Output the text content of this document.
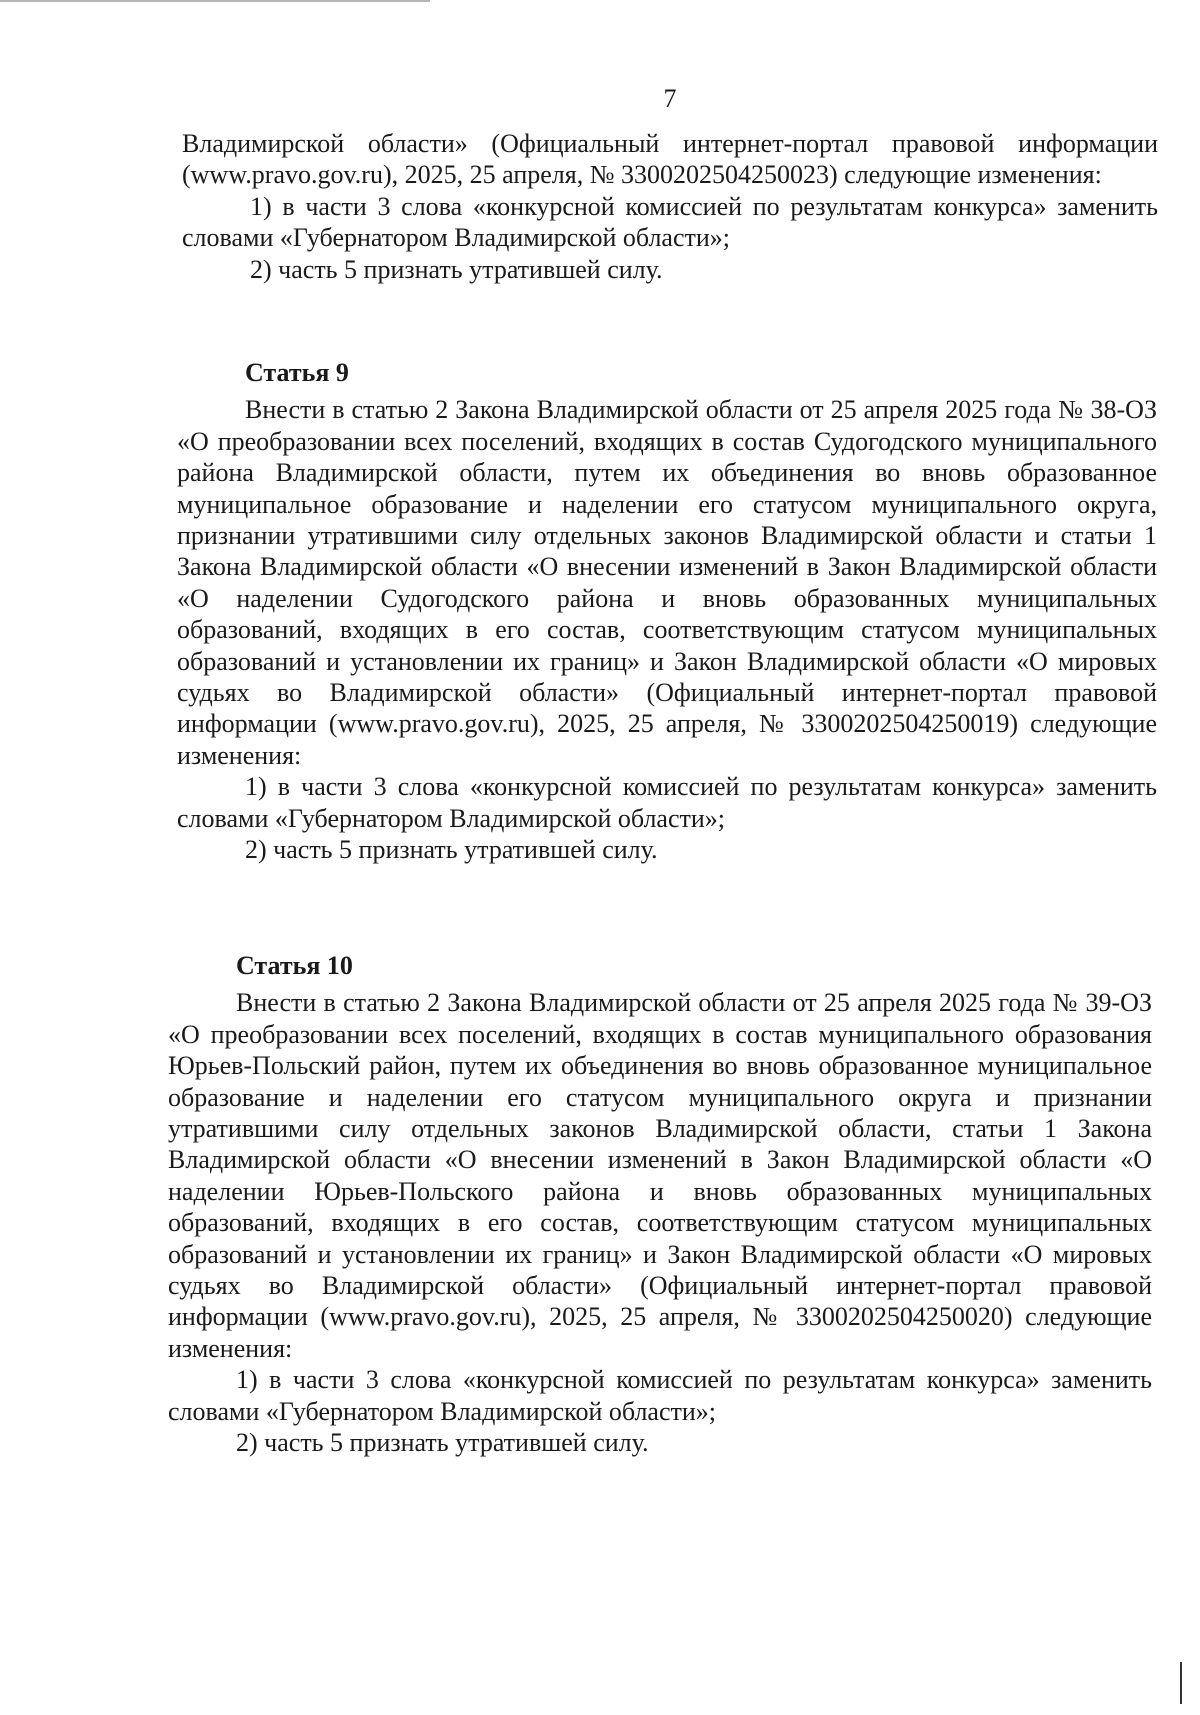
7

Владимирской области» (Официальный интернет-портал правовой информации (www.pravo.gov.ru), 2025, 25 апреля, № 3300202504250023) следующие изменения:

1) в части 3 слова «конкурсной комиссией по результатам конкурса» заменить словами «Губернатором Владимирской области»;

2) часть 5 признать утратившей силу.

Статья 9

Внести в статью 2 Закона Владимирской области от 25 апреля 2025 года № 38-ОЗ «О преобразовании всех поселений, входящих в состав Судогодского муниципального района Владимирской области, путем их объединения во вновь образованное муниципальное образование и наделении его статусом муниципального округа, признании утратившими силу отдельных законов Владимирской области и статьи 1 Закона Владимирской области «О внесении изменений в Закон Владимирской области «О наделении Судогодского района и вновь образованных муниципальных образований, входящих в его состав, соответствующим статусом муниципальных образований и установлении их границ» и Закон Владимирской области «О мировых судьях во Владимирской области» (Официальный интернет-портал правовой информации (www.pravo.gov.ru), 2025, 25 апреля, № 3300202504250019) следующие изменения:

1) в части 3 слова «конкурсной комиссией по результатам конкурса» заменить словами «Губернатором Владимирской области»;

2) часть 5 признать утратившей силу.

Статья 10

Внести в статью 2 Закона Владимирской области от 25 апреля 2025 года № 39-ОЗ «О преобразовании всех поселений, входящих в состав муниципального образования Юрьев-Польский район, путем их объединения во вновь образованное муниципальное образование и наделении его статусом муниципального округа и признании утратившими силу отдельных законов Владимирской области, статьи 1 Закона Владимирской области «О внесении изменений в Закон Владимирской области «О наделении Юрьев-Польского района и вновь образованных муниципальных образований, входящих в его состав, соответствующим статусом муниципальных образований и установлении их границ» и Закон Владимирской области «О мировых судьях во Владимирской области» (Официальный интернет-портал правовой информации (www.pravo.gov.ru), 2025, 25 апреля, № 3300202504250020) следующие изменения:

1) в части 3 слова «конкурсной комиссией по результатам конкурса» заменить словами «Губернатором Владимирской области»;

2) часть 5 признать утратившей силу.
